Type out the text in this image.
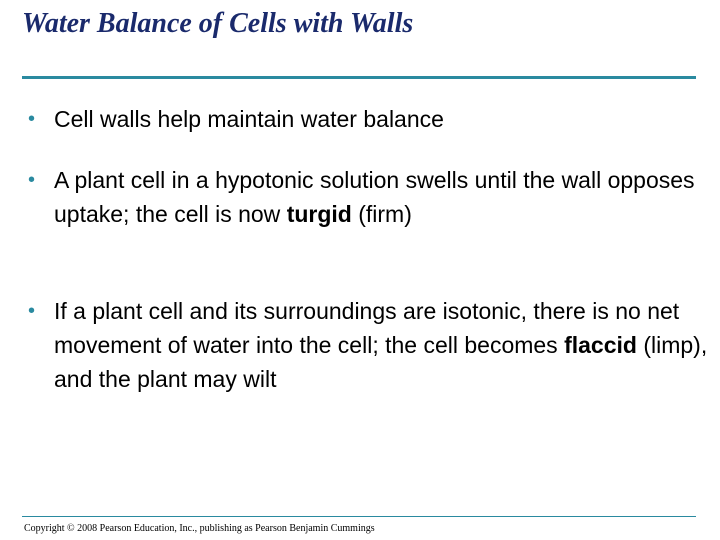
Water Balance of Cells with Walls
• Cell walls help maintain water balance
• A plant cell in a hypotonic solution swells until the wall opposes uptake; the cell is now turgid (firm)
• If a plant cell and its surroundings are isotonic, there is no net movement of water into the cell; the cell becomes flaccid (limp), and the plant may wilt
Copyright © 2008 Pearson Education, Inc., publishing as Pearson Benjamin Cummings
